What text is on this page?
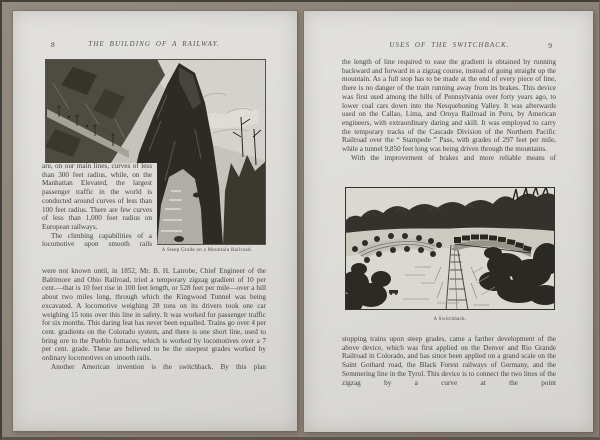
8	THE BUILDING OF A RAILWAY.
A Steep Grade on a Mountain Railroad.

are, on our main lines, curves of less than 300 feet radius, while, on the Manhattan Elevated, the largest passenger traffic in the world is conducted around curves of less than 100 feet radius. There are few curves of less than 1,000 feet radius on European railways.

The climbing capabilities of a locomotive upon smooth rails

were not known until, in 1852, Mr. B. H. Latrobe, Chief Engineer of the Baltimore and Ohio Railroad, tried a temporary zigzag gradient of 10 per cent.—that is 10 feet rise in 100 feet length, or 528 feet per mile—over a hill about two miles long, through which the Kingwood Tunnel was being excavated. A locomotive weighing 28 tons on its drivers took one car weighing 15 tons over this line in safety. It was worked for passenger traffic for six months. This daring feat has never been equalled. Trains go over 4 per cent. gradients on the Colorado system, and there is one short line, used to bring ore to the Pueblo furnaces, which is worked by locomotives over a 7 per cent. grade. These are believed to be the steepest grades worked by ordinary locomotives on smooth rails.

Another American invention is the switchback. By this plan

USES OF THE SWITCHBACK.	9

the length of line required to ease the gradient is obtained by running backward and forward in a zigzag course, instead of going straight up the mountain. As a full stop has to be made at the end of every piece of line, there is no danger of the train running away from its brakes. This device was first used among the hills of Pennsylvania over forty years ago, to lower coal cars down into the Nesquehoning Valley. It was afterwards used on the Callao, Lima, and Oroya Railroad in Peru, by American engineers, with extraordinary daring and skill. It was employed to carry the temporary tracks of the Cascade Division of the Northern Pacific Railroad over the “ Stampede ” Pass, with grades of 297 feet per mile, while a tunnel 9,850 feet long was being driven through the mountains.

With the improvement of brakes and more reliable means of

A Switchback.

stopping trains upon steep grades, came a farther development of the above device, which was first applied on the Denver and Rio Grande Railroad in Colorado, and has since been applied on a grand scale on the Saint Gothard road, the Black Forest railways of Germany, and the Semmering line in the Tyrol. This device is to connect the two lines of the zigzag by a curve at the point
